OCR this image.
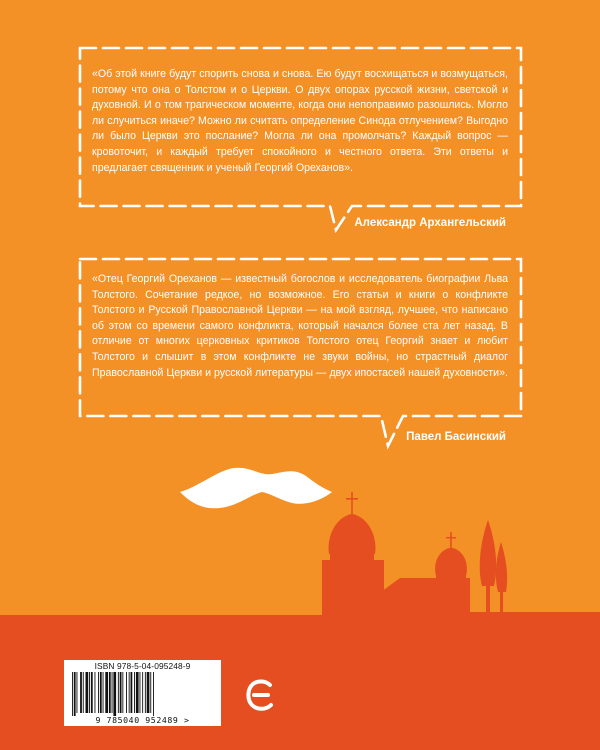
«Об этой книге будут спорить снова и снова. Ею будут восхищаться и возмущаться, потому что она о Толстом и о Церкви. О двух опорах русской жизни, светской и духовной. И о том трагическом моменте, когда они непоправимо разошлись. Могло ли случиться иначе? Можно ли считать определение Синода отлучением? Выгодно ли было Церкви это послание? Могла ли она промолчать? Каждый вопрос — кровоточит, и каждый требует спокойного и честного ответа. Эти ответы и предлагает священник и ученый Георгий Ореханов».

Александр Архангельский

«Отец Георгий Ореханов — известный богослов и исследователь биографии Льва Толстого. Сочетание редкое, но возможное. Его статьи и книги о конфликте Толстого и Русской Православной Церкви — на мой взгляд, лучшее, что написано об этом со времени самого конфликта, который начался более ста лет назад. В отличие от многих церковных критиков Толстого отец Георгий знает и любит Толстого и слышит в этом конфликте не звуки войны, но страстный диалог Православной Церкви и русской литературы — двух ипостасей нашей духовности».

Павел Басинский
ISBN 978-5-04-095248-9
9 785040 952489 >
